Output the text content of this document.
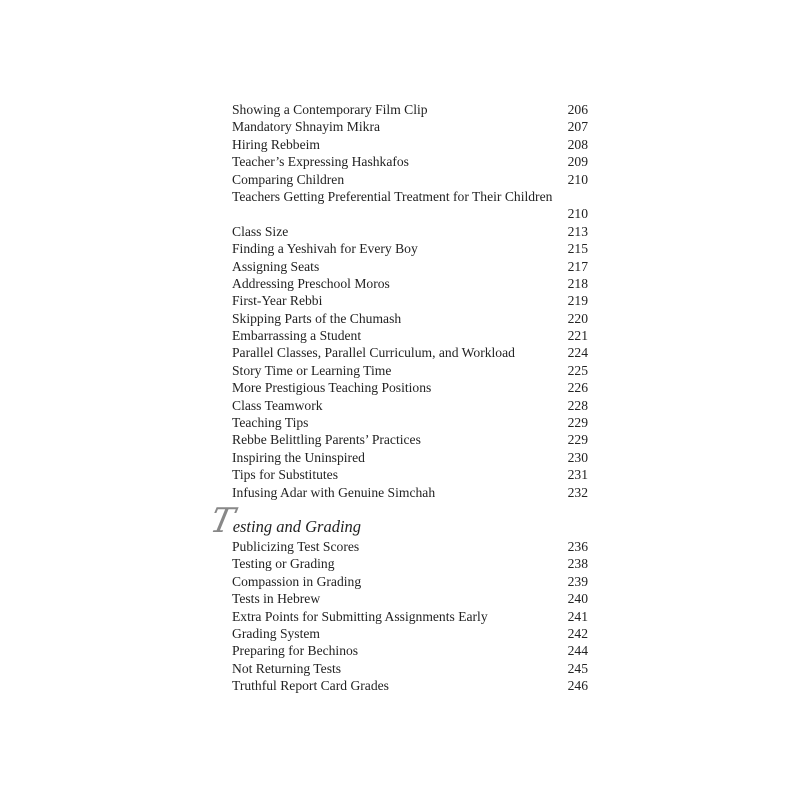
Showing a Contemporary Film Clip	206
Mandatory Shnayim Mikra	207
Hiring Rebbeim	208
Teacher’s Expressing Hashkafos	209
Comparing Children	210
Teachers Getting Preferential Treatment for Their Children
210
Class Size	213
Finding a Yeshivah for Every Boy	215
Assigning Seats	217
Addressing Preschool Moros	218
First-Year Rebbi	219
Skipping Parts of the Chumash	220
Embarrassing a Student	221
Parallel Classes, Parallel Curriculum, and Workload	224
Story Time or Learning Time	225
More Prestigious Teaching Positions	226
Class Teamwork	228
Teaching Tips	229
Rebbe Belittling Parents’ Practices	229
Inspiring the Uninspired	230
Tips for Substitutes	231
Infusing Adar with Genuine Simchah	232
Testing and Grading
Publicizing Test Scores	236
Testing or Grading	238
Compassion in Grading	239
Tests in Hebrew	240
Extra Points for Submitting Assignments Early	241
Grading System	242
Preparing for Bechinos	244
Not Returning Tests	245
Truthful Report Card Grades	246
